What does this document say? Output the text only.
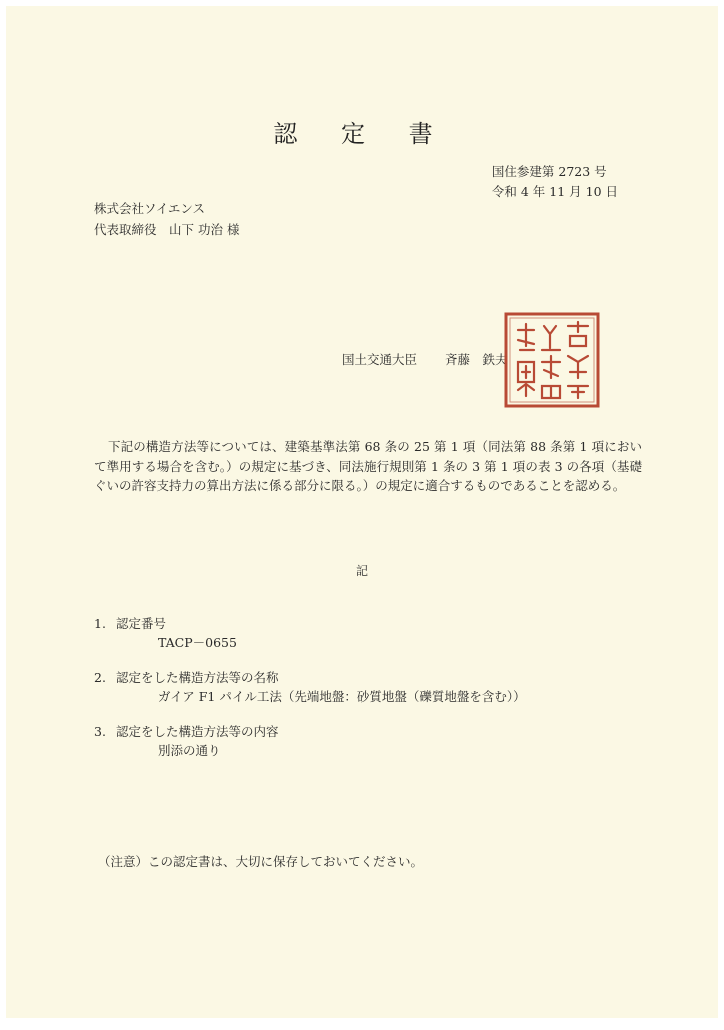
認 定 書
国住参建第 2723 号
令和 4 年 11 月 10 日
株式会社ソイエンス
代表取締役　山下 功治 様
国土交通大臣 斉藤　鉄夫
下記の構造方法等については、建築基準法第 68 条の 25 第 1 項（同法第 88 条第 1 項において準用する場合を含む。）の規定に基づき、同法施行規則第 1 条の 3 第 1 項の表 3 の各項（基礎ぐいの許容支持力の算出方法に係る部分に限る。）の規定に適合するものであることを認める。
記
1. 認定番号
TACP－0655
2. 認定をした構造方法等の名称
ガイア F1 パイル工法（先端地盤：砂質地盤（礫質地盤を含む））
3. 認定をした構造方法等の内容
別添の通り
（注意）この認定書は、大切に保存しておいてください。
